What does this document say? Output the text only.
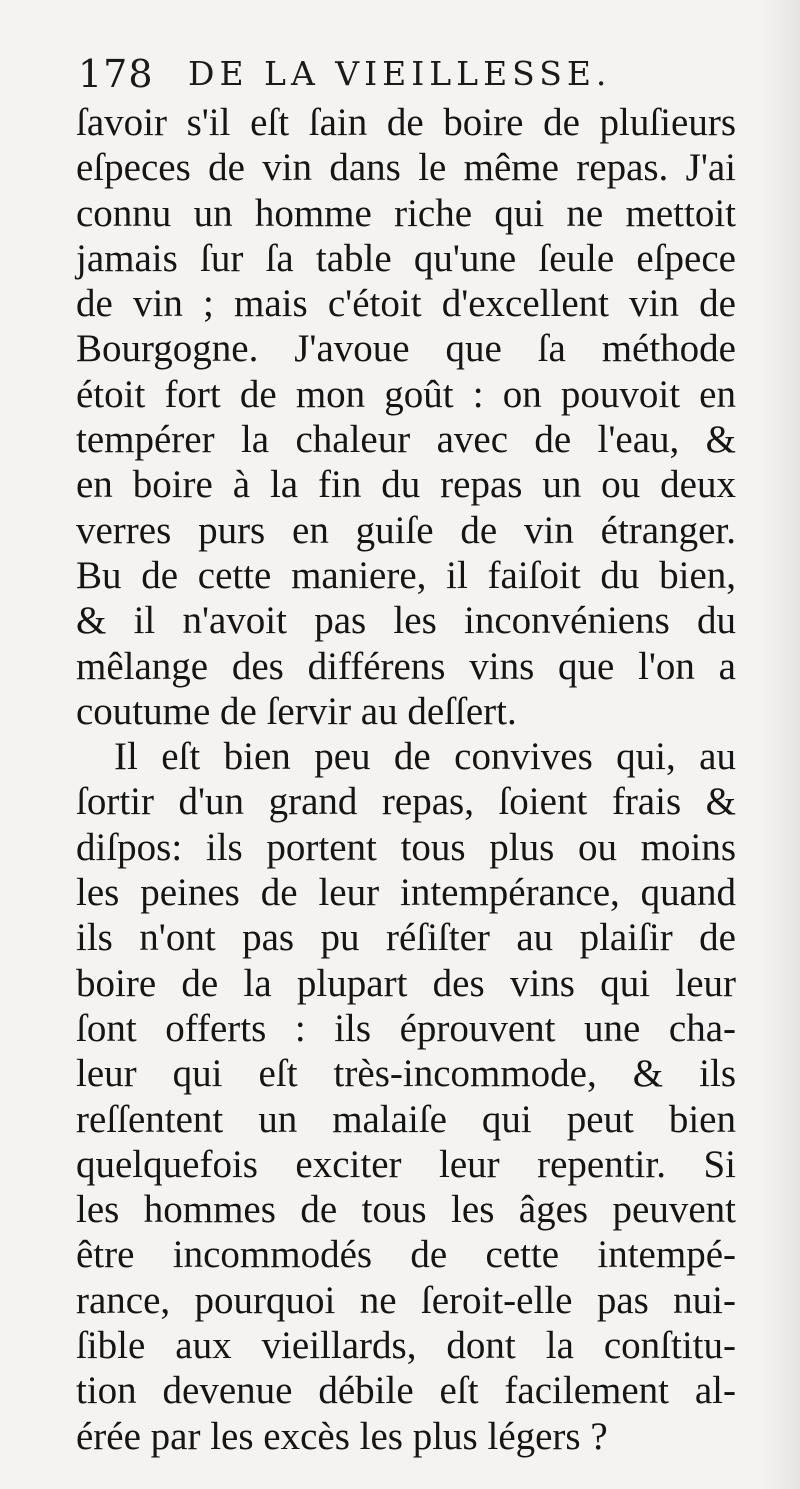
178 DE LA VIEILLESSE.
ſavoir s'il eſt ſain de boire de pluſieurs
eſpeces de vin dans le même repas. J'ai
connu un homme riche qui ne mettoit
jamais ſur ſa table qu'une ſeule eſpece
de vin ; mais c'étoit d'excellent vin de
Bourgogne. J'avoue que ſa méthode
étoit fort de mon goût : on pouvoit en
tempérer la chaleur avec de l'eau, &
en boire à la fin du repas un ou deux
verres purs en guiſe de vin étranger.
Bu de cette maniere, il faiſoit du bien,
& il n'avoit pas les inconvéniens du
mêlange des différens vins que l'on a
coutume de ſervir au deſſert.
Il eſt bien peu de convives qui, au
ſortir d'un grand repas, ſoient frais &
diſpos: ils portent tous plus ou moins
les peines de leur intempérance, quand
ils n'ont pas pu réſiſter au plaiſir de
boire de la plupart des vins qui leur
ſont offerts : ils éprouvent une cha-
leur qui eſt très-incommode, & ils
reſſentent un malaiſe qui peut bien
quelquefois exciter leur repentir. Si
les hommes de tous les âges peuvent
être incommodés de cette intempé-
rance, pourquoi ne ſeroit-elle pas nui-
ſible aux vieillards, dont la conſtitu-
tion devenue débile eſt facilement al-
érée par les excès les plus légers ?
